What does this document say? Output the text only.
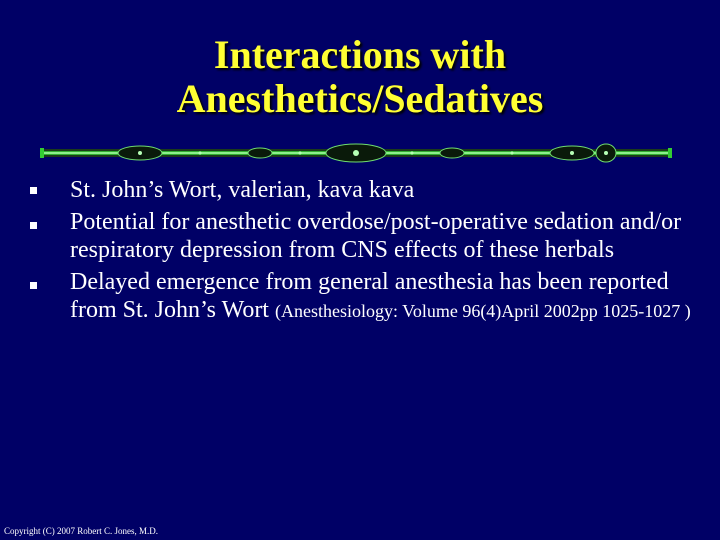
Interactions with
Anesthetics/Sedatives
St. John’s Wort, valerian, kava kava
Potential for anesthetic overdose/post-operative sedation and/or respiratory depression from CNS effects of these herbals
Delayed emergence from general anesthesia has been reported from St. John’s Wort (Anesthesiology: Volume 96(4)April 2002pp 1025-1027 )
Copyright (C) 2007 Robert C. Jones, M.D.
